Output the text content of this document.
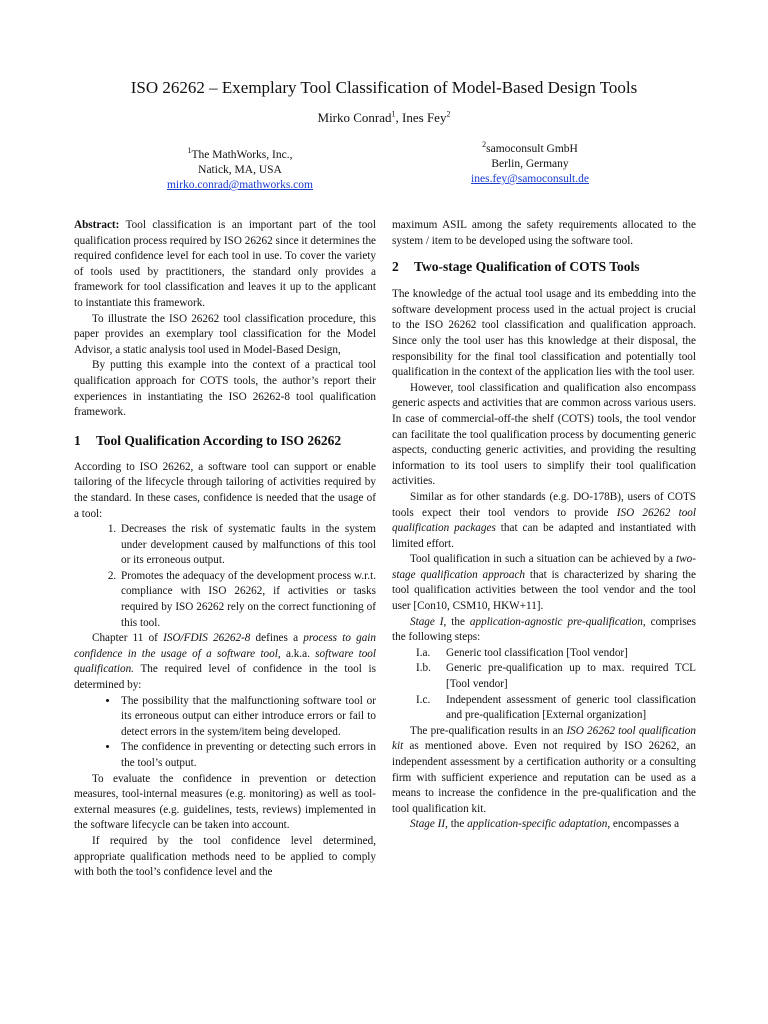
ISO 26262 – Exemplary Tool Classification of Model-Based Design Tools
Mirko Conrad$^1$, Ines Fey$^2$
$^1$The MathWorks, Inc.,
Natick, MA, USA
mirko.conrad@mathworks.com
$^2$samoconsult GmbH
Berlin, Germany
ines.fey@samoconsult.de

Abstract: Tool classification is an important part of the tool qualification process required by ISO 26262 since it determines the required confidence level for each tool in use. To cover the variety of tools used by practitioners, the standard only provides a framework for tool classification and leaves it up to the applicant to instantiate this framework.

To illustrate the ISO 26262 tool classification procedure, this paper provides an exemplary tool classification for the Model Advisor, a static analysis tool used in Model-Based Design,

By putting this example into the context of a practical tool qualification approach for COTS tools, the author’s report their experiences in instantiating the ISO 26262-8 tool qualification framework.

1	Tool Qualification According to ISO 26262

According to ISO 26262, a software tool can support or enable tailoring of the lifecycle through tailoring of activities required by the standard. In these cases, confidence is needed that the usage of a tool:

1. Decreases the risk of systematic faults in the system under development caused by malfunctions of this tool or its erroneous output.
2. Promotes the adequacy of the development process w.r.t. compliance with ISO 26262, if activities or tasks required by ISO 26262 rely on the correct functioning of this tool.

Chapter 11 of ISO/FDIS 26262-8 defines a process to gain confidence in the usage of a software tool, a.k.a. software tool qualification. The required level of confidence in the tool is determined by:

• The possibility that the malfunctioning software tool or its erroneous output can either introduce errors or fail to detect errors in the system/item being developed.
• The confidence in preventing or detecting such errors in the tool’s output.

To evaluate the confidence in prevention or detection measures, tool-internal measures (e.g. monitoring) as well as tool-external measures (e.g. guidelines, tests, reviews) implemented in the software lifecycle can be taken into account.

If required by the tool confidence level determined, appropriate qualification methods need to be applied to comply with both the tool’s confidence level and the

maximum ASIL among the safety requirements allocated to the system / item to be developed using the software tool.

2	Two-stage Qualification of COTS Tools

The knowledge of the actual tool usage and its embedding into the software development process used in the actual project is crucial to the ISO 26262 tool classification and qualification approach. Since only the tool user has this knowledge at their disposal, the responsibility for the final tool classification and potentially tool qualification in the context of the application lies with the tool user.

However, tool classification and qualification also encompass generic aspects and activities that are common across various users. In case of commercial-off-the shelf (COTS) tools, the tool vendor can facilitate the tool qualification process by documenting generic aspects, conducting generic activities, and providing the resulting information to its tool users to simplify their tool qualification activities.

Similar as for other standards (e.g. DO-178B), users of COTS tools expect their tool vendors to provide ISO 26262 tool qualification packages that can be adapted and instantiated with limited effort.

Tool qualification in such a situation can be achieved by a two-stage qualification approach that is characterized by sharing the tool qualification activities between the tool vendor and the tool user [Con10, CSM10, HKW+11].

Stage I, the application-agnostic pre-qualification, comprises the following steps:

I.a.	Generic tool classification [Tool vendor]
I.b.	Generic pre-qualification up to max. required TCL [Tool vendor]
I.c.	Independent assessment of generic tool classification and pre-qualification [External organization]

The pre-qualification results in an ISO 26262 tool qualification kit as mentioned above. Even not required by ISO 26262, an independent assessment by a certification authority or a consulting firm with sufficient experience and reputation can be used as a means to increase the confidence in the pre-qualification and the tool qualification kit.

Stage II, the application-specific adaptation, encompasses a
